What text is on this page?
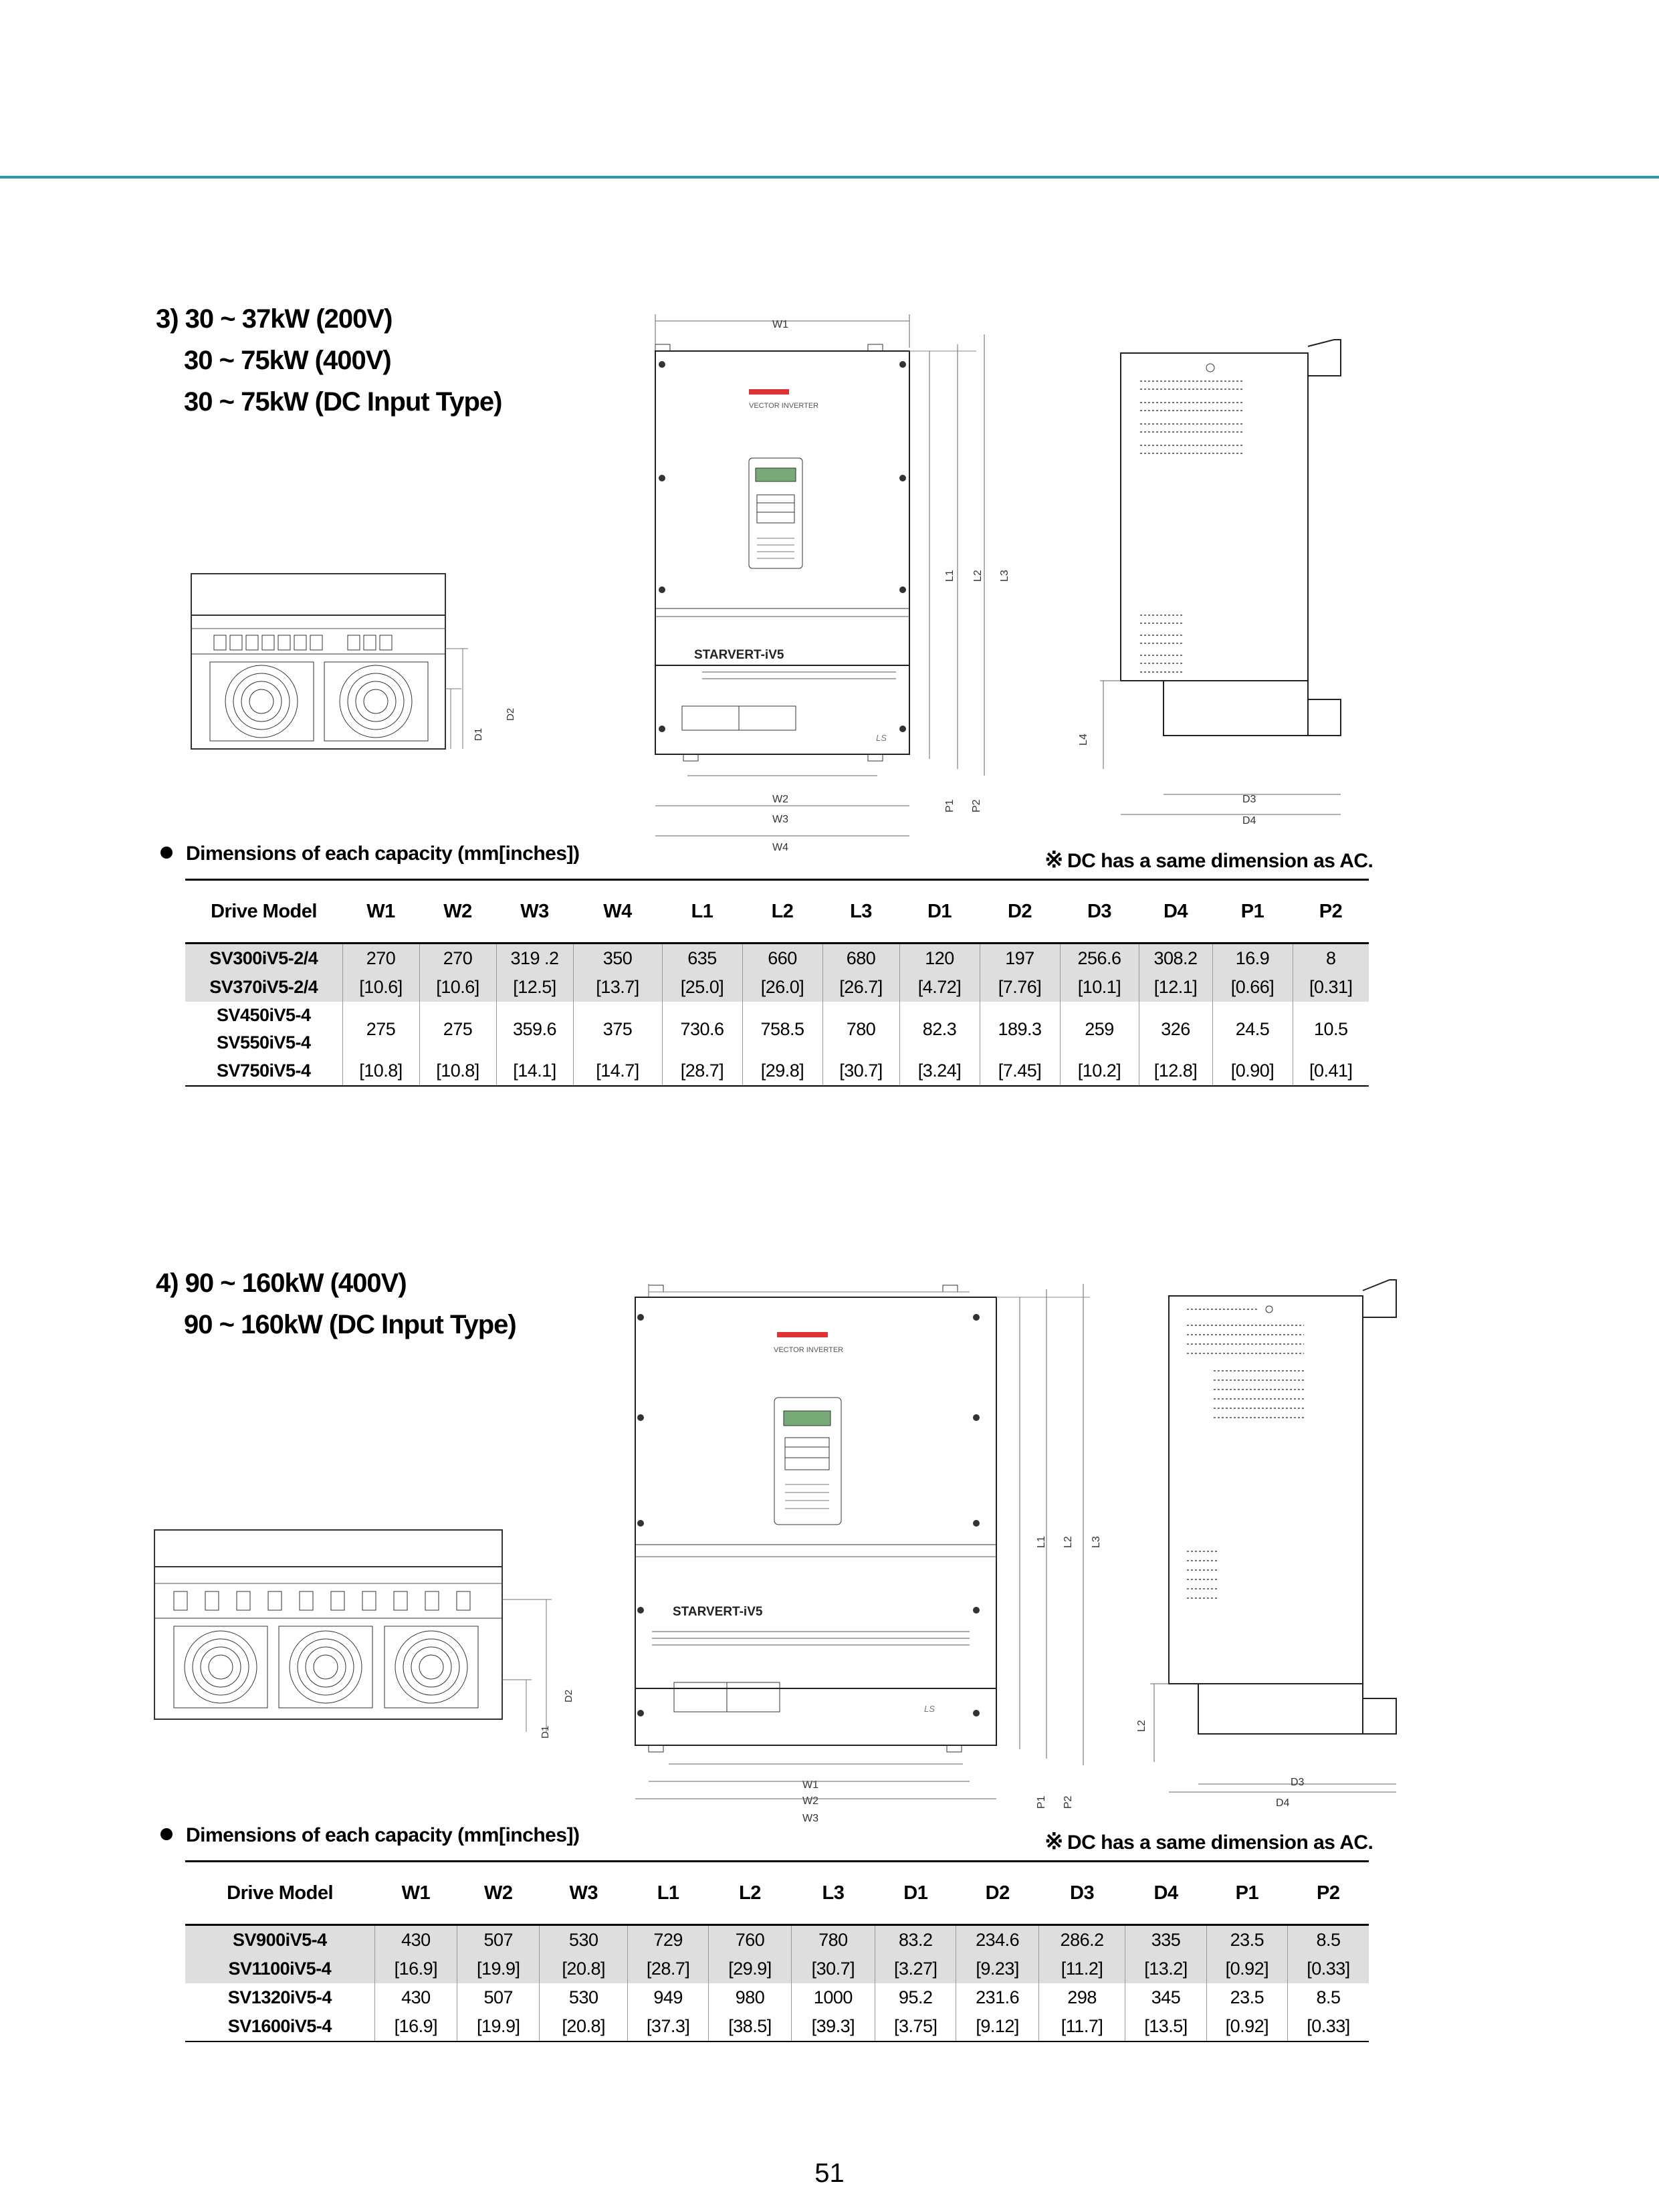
3) 30 ~ 37kW (200V)
30 ~ 75kW (400V)
30 ~ 75kW (DC Input Type)
D1
D2
W1
VECTOR INVERTER
STARVERT-iV5
LS
W2
W3
W4
L1 L2 L3
P1 P2
L4
D3
D4
Dimensions of each capacity (mm[inches])	※ DC has a same dimension as AC.
Drive Model	W1	W2	W3	W4	L1	L2	L3	D1	D2	D3	D4	P1	P2
SV300iV5-2/4	270	270	319 .2	350	635	660	680	120	197	256.6	308.2	16.9	8
SV370iV5-2/4	[10.6]	[10.6]	[12.5]	[13.7]	[25.0]	[26.0]	[26.7]	[4.72]	[7.76]	[10.1]	[12.1]	[0.66]	[0.31]

SV450iV5-4
SV550iV5-4	275	275	359.6	375	730.6	758.5	780	82.3	189.3	259	326	24.5	10.5
SV750iV5-4	[10.8]	[10.8]	[14.1]	[14.7]	[28.7]	[29.8]	[30.7]	[3.24]	[7.45]	[10.2]	[12.8]	[0.90]	[0.41]
4) 90 ~ 160kW (400V)
90 ~ 160kW (DC Input Type)
D1
D2
VECTOR INVERTER
STARVERT-iV5
LS
W1
W2
W3
L1 L2 L3
P1 P2
L2
D3
D4
Dimensions of each capacity (mm[inches])	※ DC has a same dimension as AC.
Drive Model	W1	W2	W3	L1	L2	L3	D1	D2	D3	D4	P1	P2
SV900iV5-4	430	507	530	729	760	780	83.2	234.6	286.2	335	23.5	8.5
SV1100iV5-4	[16.9]	[19.9]	[20.8]	[28.7]	[29.9]	[30.7]	[3.27]	[9.23]	[11.2]	[13.2]	[0.92]	[0.33]
SV1320iV5-4	430	507	530	949	980	1000	95.2	231.6	298	345	23.5	8.5
SV1600iV5-4	[16.9]	[19.9]	[20.8]	[37.3]	[38.5]	[39.3]	[3.75]	[9.12]	[11.7]	[13.5]	[0.92]	[0.33]
51
